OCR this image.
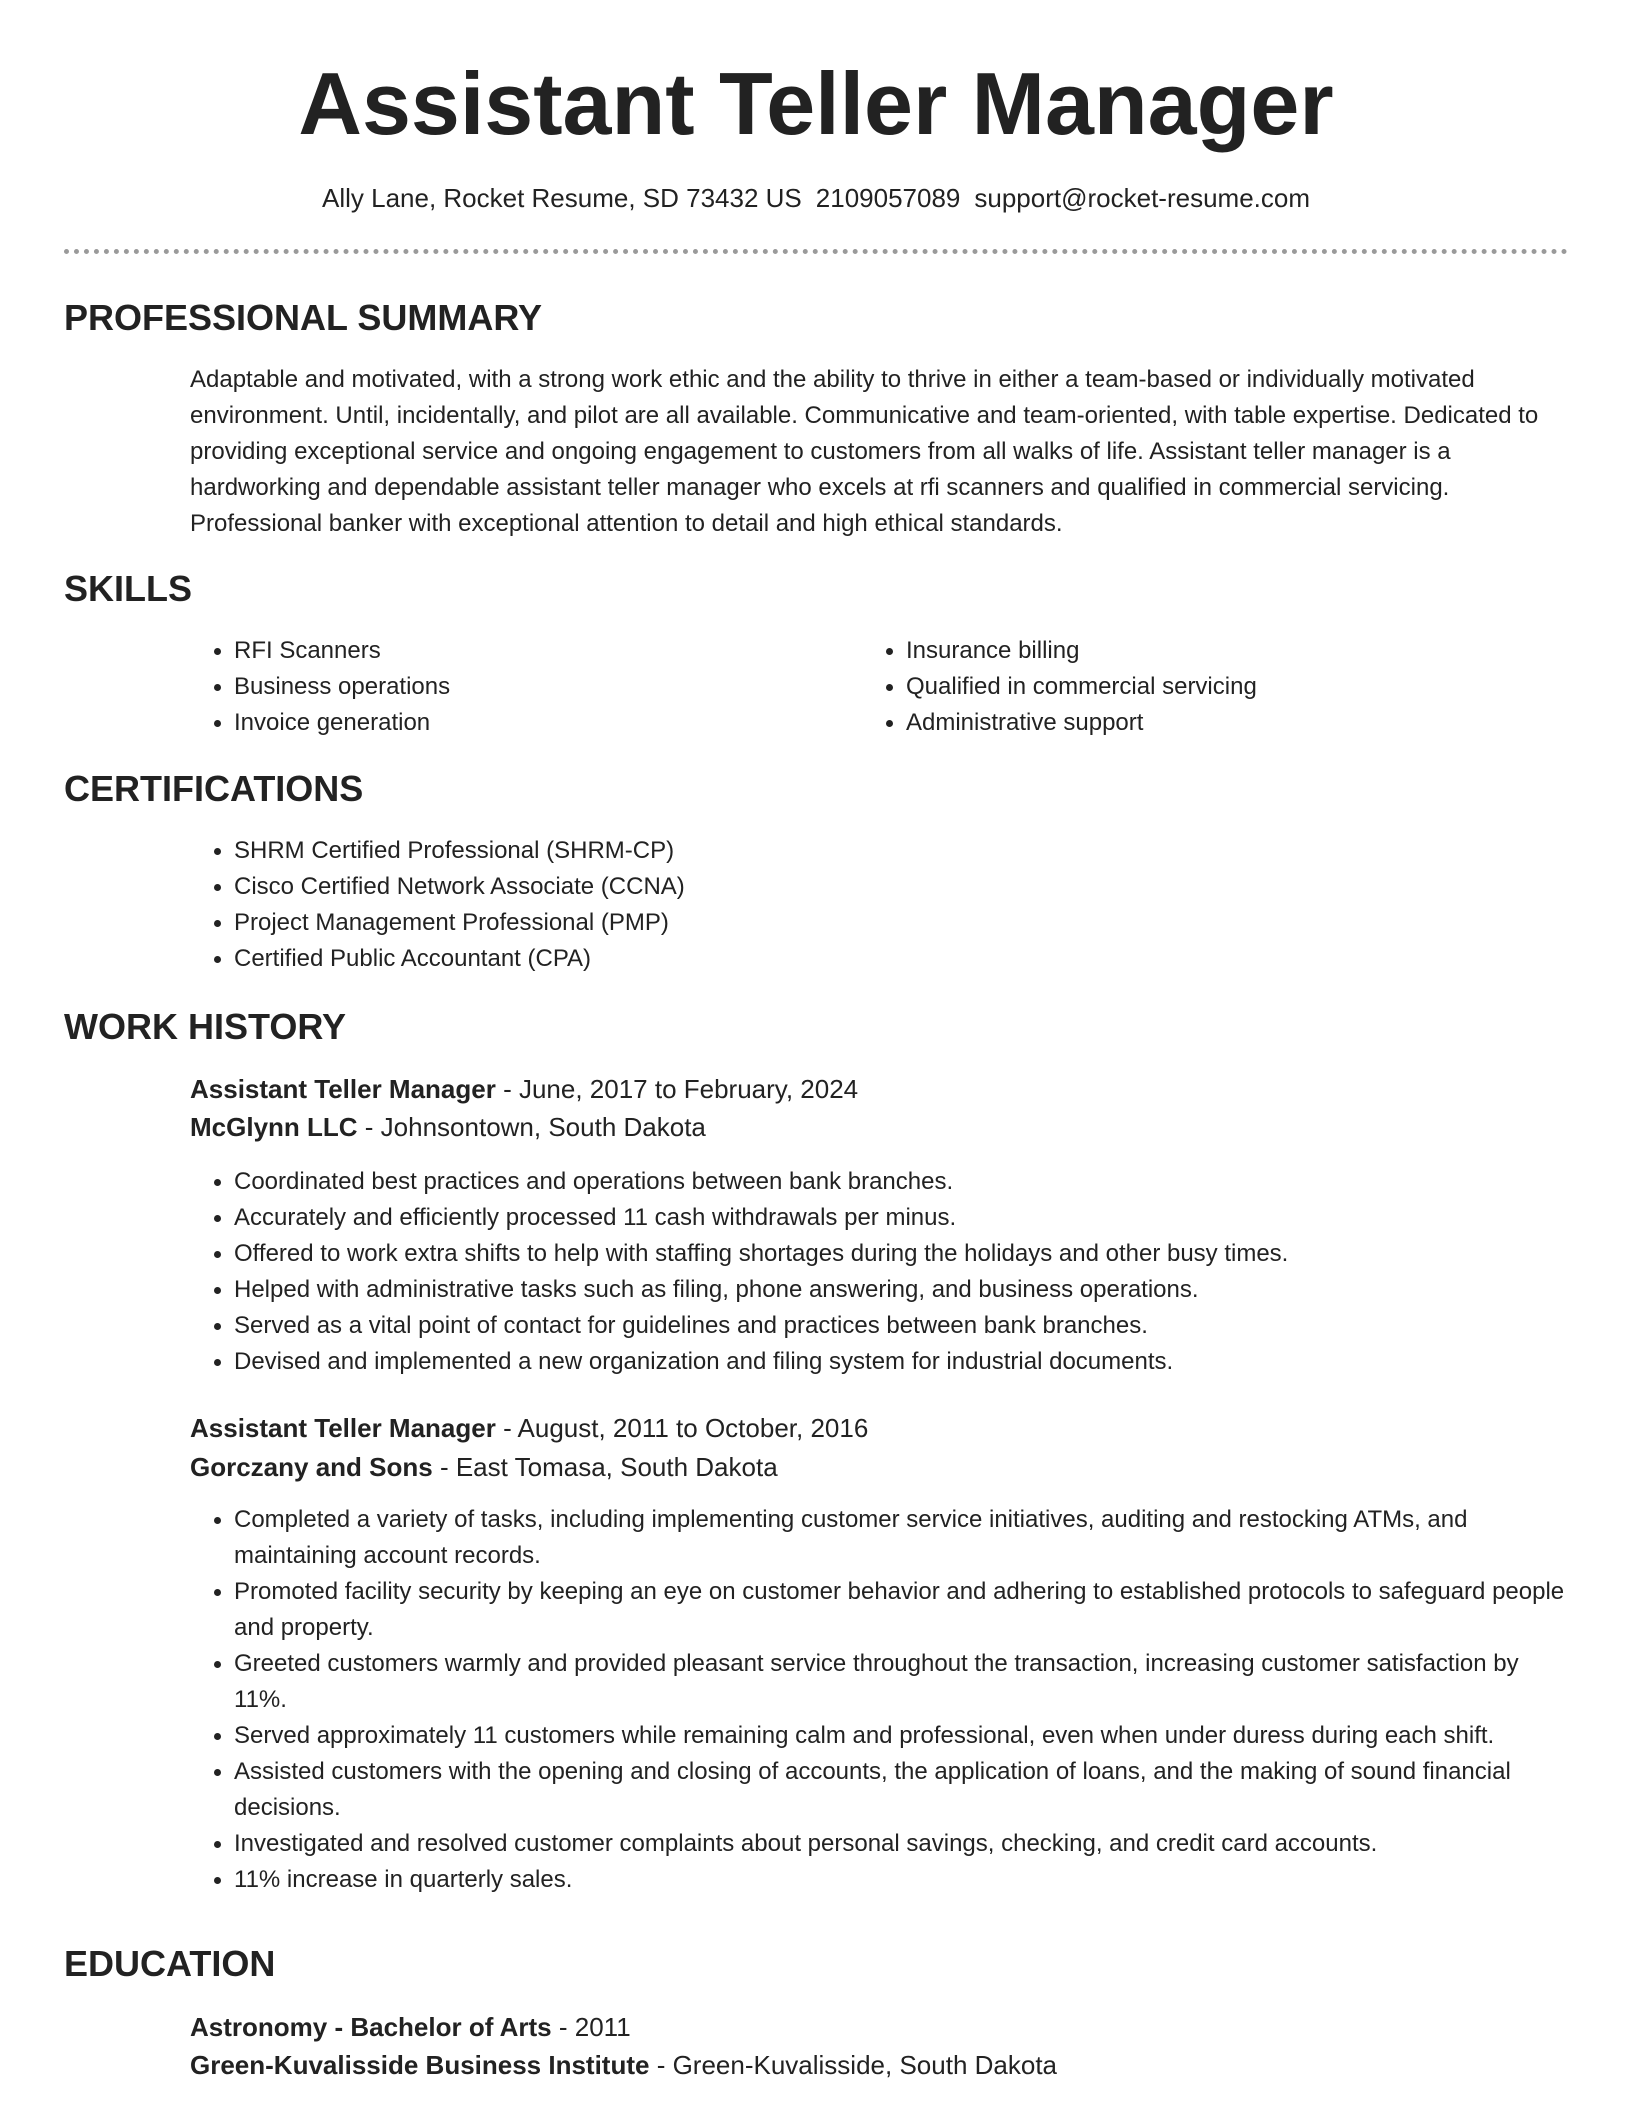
Assistant Teller Manager
Ally Lane, Rocket Resume, SD 73432 US 2109057089 support@rocket-resume.com
PROFESSIONAL SUMMARY

Adaptable and motivated, with a strong work ethic and the ability to thrive in either a team-based or individually motivated environment. Until, incidentally, and pilot are all available. Communicative and team-oriented, with table expertise. Dedicated to providing exceptional service and ongoing engagement to customers from all walks of life. Assistant teller manager is a hardworking and dependable assistant teller manager who excels at rfi scanners and qualified in commercial servicing. Professional banker with exceptional attention to detail and high ethical standards.

SKILLS
• RFI Scanners
• Business operations
• Invoice generation
• Insurance billing
• Qualified in commercial servicing
• Administrative support
CERTIFICATIONS
• SHRM Certified Professional (SHRM-CP)
• Cisco Certified Network Associate (CCNA)
• Project Management Professional (PMP)
• Certified Public Accountant (CPA)
WORK HISTORY
Assistant Teller Manager - June, 2017 to February, 2024
McGlynn LLC - Johnsontown, South Dakota
• Coordinated best practices and operations between bank branches.
• Accurately and efficiently processed 11 cash withdrawals per minus.
• Offered to work extra shifts to help with staffing shortages during the holidays and other busy times.
• Helped with administrative tasks such as filing, phone answering, and business operations.
• Served as a vital point of contact for guidelines and practices between bank branches.
• Devised and implemented a new organization and filing system for industrial documents.
Assistant Teller Manager - August, 2011 to October, 2016
Gorczany and Sons - East Tomasa, South Dakota
• Completed a variety of tasks, including implementing customer service initiatives, auditing and restocking ATMs, and maintaining account records.
• Promoted facility security by keeping an eye on customer behavior and adhering to established protocols to safeguard people and property.
• Greeted customers warmly and provided pleasant service throughout the transaction, increasing customer satisfaction by 11%.
• Served approximately 11 customers while remaining calm and professional, even when under duress during each shift.
• Assisted customers with the opening and closing of accounts, the application of loans, and the making of sound financial decisions.
• Investigated and resolved customer complaints about personal savings, checking, and credit card accounts.
• 11% increase in quarterly sales.
EDUCATION
Astronomy - Bachelor of Arts - 2011
Green-Kuvalisside Business Institute - Green-Kuvalisside, South Dakota
